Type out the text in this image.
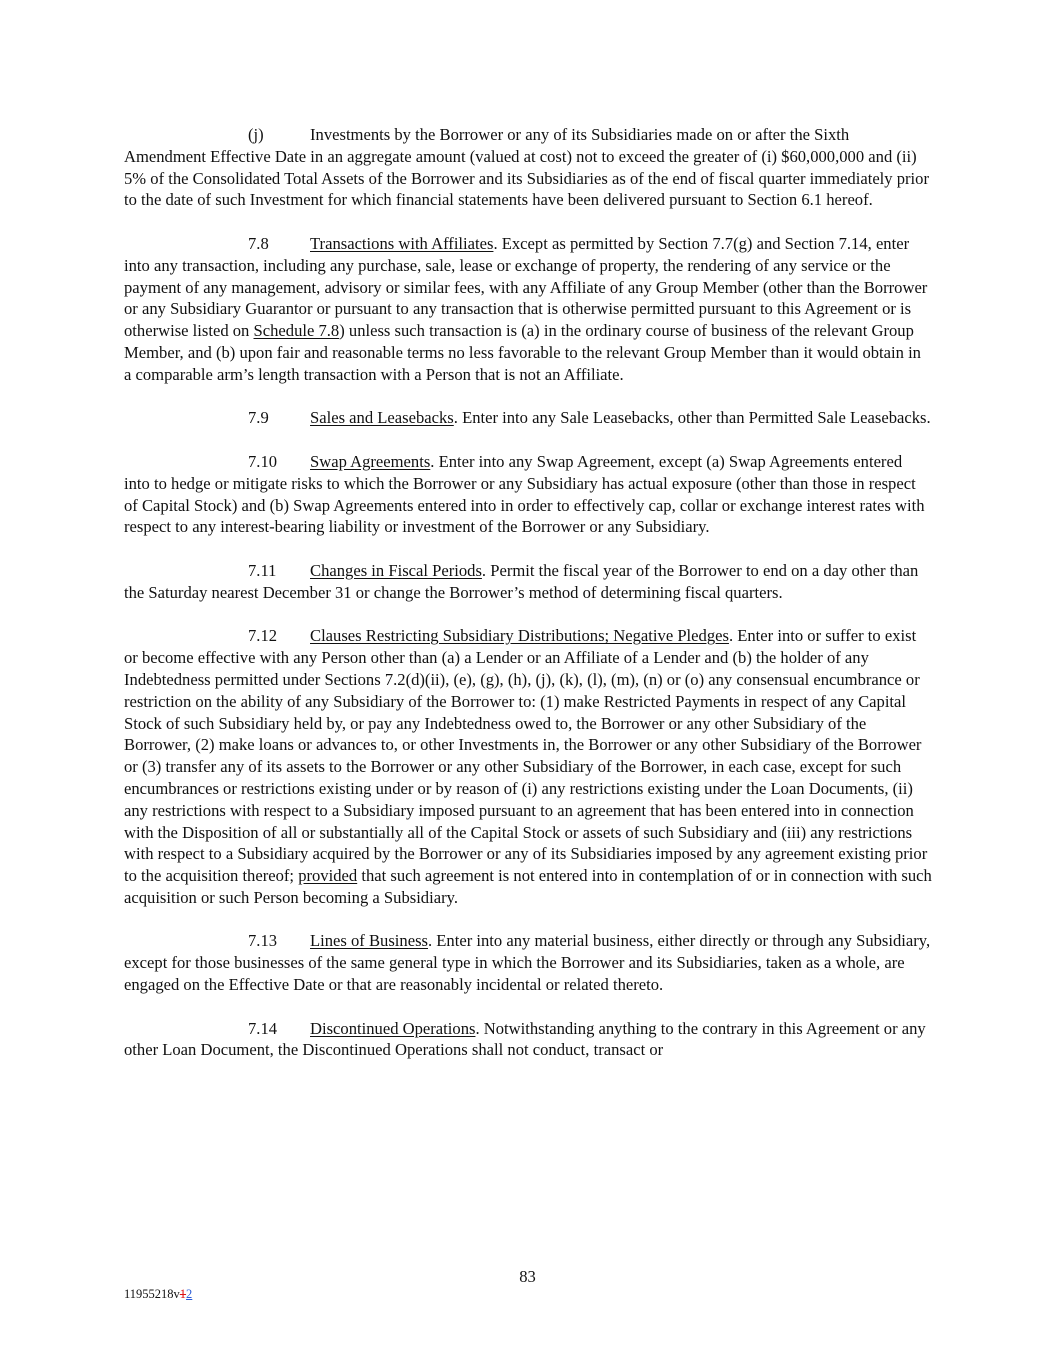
(j)	Investments by the Borrower or any of its Subsidiaries made on or after the Sixth Amendment Effective Date in an aggregate amount (valued at cost) not to exceed the greater of (i) $60,000,000 and (ii) 5% of the Consolidated Total Assets of the Borrower and its Subsidiaries as of the end of fiscal quarter immediately prior to the date of such Investment for which financial statements have been delivered pursuant to Section 6.1 hereof.

7.8 Transactions with Affiliates. Except as permitted by Section 7.7(g) and Section 7.14, enter into any transaction, including any purchase, sale, lease or exchange of property, the rendering of any service or the payment of any management, advisory or similar fees, with any Affiliate of any Group Member (other than the Borrower or any Subsidiary Guarantor or pursuant to any transaction that is otherwise permitted pursuant to this Agreement or is otherwise listed on Schedule 7.8) unless such transaction is (a) in the ordinary course of business of the relevant Group Member, and (b) upon fair and reasonable terms no less favorable to the relevant Group Member than it would obtain in a comparable arm’s length transaction with a Person that is not an Affiliate.

7.9 Sales and Leasebacks. Enter into any Sale Leasebacks, other than Permitted Sale Leasebacks.

7.10 Swap Agreements. Enter into any Swap Agreement, except (a) Swap Agreements entered into to hedge or mitigate risks to which the Borrower or any Subsidiary has actual exposure (other than those in respect of Capital Stock) and (b) Swap Agreements entered into in order to effectively cap, collar or exchange interest rates with respect to any interest-bearing liability or investment of the Borrower or any Subsidiary.

7.11 Changes in Fiscal Periods. Permit the fiscal year of the Borrower to end on a day other than the Saturday nearest December 31 or change the Borrower’s method of determining fiscal quarters.

7.12 Clauses Restricting Subsidiary Distributions; Negative Pledges. Enter into or suffer to exist or become effective with any Person other than (a) a Lender or an Affiliate of a Lender and (b) the holder of any Indebtedness permitted under Sections 7.2(d)(ii), (e), (g), (h), (j), (k), (l), (m), (n) or (o) any consensual encumbrance or restriction on the ability of any Subsidiary of the Borrower to: (1) make Restricted Payments in respect of any Capital Stock of such Subsidiary held by, or pay any Indebtedness owed to, the Borrower or any other Subsidiary of the Borrower, (2) make loans or advances to, or other Investments in, the Borrower or any other Subsidiary of the Borrower or (3) transfer any of its assets to the Borrower or any other Subsidiary of the Borrower, in each case, except for such encumbrances or restrictions existing under or by reason of (i) any restrictions existing under the Loan Documents, (ii) any restrictions with respect to a Subsidiary imposed pursuant to an agreement that has been entered into in connection with the Disposition of all or substantially all of the Capital Stock or assets of such Subsidiary and (iii) any restrictions with respect to a Subsidiary acquired by the Borrower or any of its Subsidiaries imposed by any agreement existing prior to the acquisition thereof; provided that such agreement is not entered into in contemplation of or in connection with such acquisition or such Person becoming a Subsidiary.

7.13 Lines of Business. Enter into any material business, either directly or through any Subsidiary, except for those businesses of the same general type in which the Borrower and its Subsidiaries, taken as a whole, are engaged on the Effective Date or that are reasonably incidental or related thereto.

7.14 Discontinued Operations. Notwithstanding anything to the contrary in this Agreement or any other Loan Document, the Discontinued Operations shall not conduct, transact or

83
11955218v12
